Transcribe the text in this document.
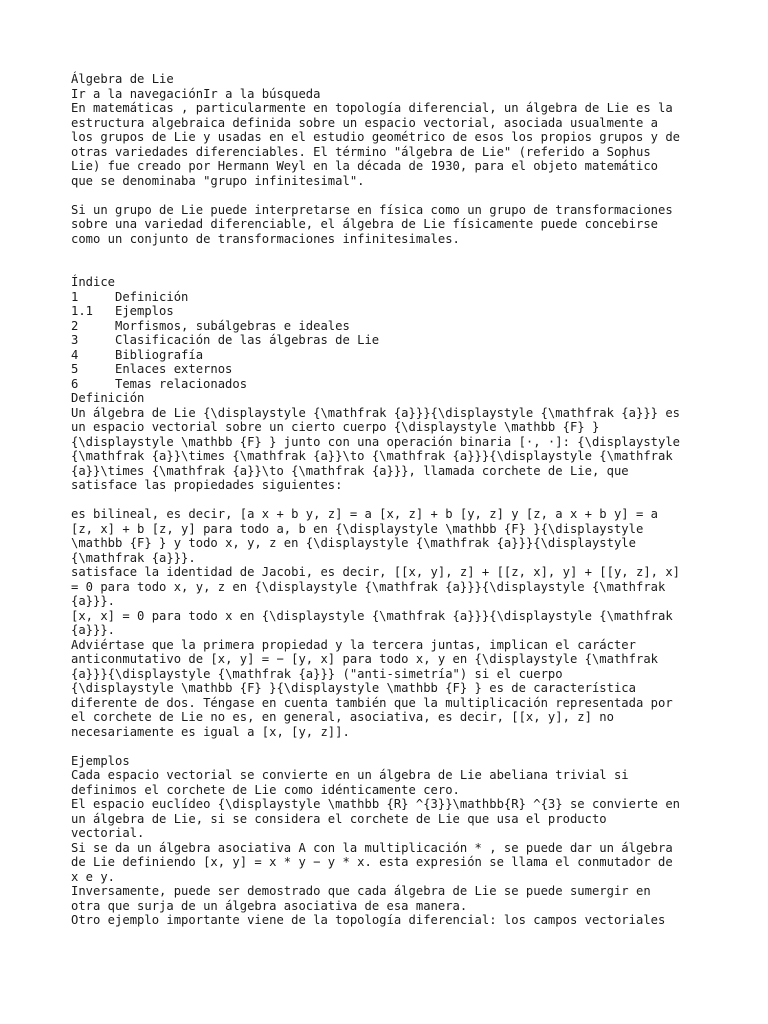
Álgebra de Lie
Ir a la navegaciónIr a la búsqueda
En matemáticas , particularmente en topología diferencial, un álgebra de Lie es la
estructura algebraica definida sobre un espacio vectorial, asociada usualmente a
los grupos de Lie y usadas en el estudio geométrico de esos los propios grupos y de
otras variedades diferenciables. El término "álgebra de Lie" (referido a Sophus
Lie) fue creado por Hermann Weyl en la década de 1930, para el objeto matemático
que se denominaba "grupo infinitesimal".
Si un grupo de Lie puede interpretarse en física como un grupo de transformaciones
sobre una variedad diferenciable, el álgebra de Lie físicamente puede concebirse
como un conjunto de transformaciones infinitesimales.
Índice
1	Definición
1.1	Ejemplos
2	Morfismos, subálgebras e ideales
3	Clasificación de las álgebras de Lie
4	Bibliografía
5	Enlaces externos
6	Temas relacionados
Definición
Un álgebra de Lie {\displaystyle {\mathfrak {a}}}{\displaystyle {\mathfrak {a}}} es
un espacio vectorial sobre un cierto cuerpo {\displaystyle \mathbb {F} }
{\displaystyle \mathbb {F} } junto con una operación binaria [·, ·]: {\displaystyle
{\mathfrak {a}}\times {\mathfrak {a}}\to {\mathfrak {a}}}{\displaystyle {\mathfrak
{a}}\times {\mathfrak {a}}\to {\mathfrak {a}}}, llamada corchete de Lie, que
satisface las propiedades siguientes:
es bilineal, es decir, [a x + b y, z] = a [x, z] + b [y, z] y [z, a x + b y] = a
[z, x] + b [z, y] para todo a, b en {\displaystyle \mathbb {F} }{\displaystyle
\mathbb {F} } y todo x, y, z en {\displaystyle {\mathfrak {a}}}{\displaystyle
{\mathfrak {a}}}.
satisface la identidad de Jacobi, es decir, [[x, y], z] + [[z, x], y] + [[y, z], x]
= 0 para todo x, y, z en {\displaystyle {\mathfrak {a}}}{\displaystyle {\mathfrak
{a}}}.
[x, x] = 0 para todo x en {\displaystyle {\mathfrak {a}}}{\displaystyle {\mathfrak
{a}}}.
Adviértase que la primera propiedad y la tercera juntas, implican el carácter
anticonmutativo de [x, y] = − [y, x] para todo x, y en {\displaystyle {\mathfrak
{a}}}{\displaystyle {\mathfrak {a}}} ("anti-simetría") si el cuerpo
{\displaystyle \mathbb {F} }{\displaystyle \mathbb {F} } es de característica
diferente de dos. Téngase en cuenta también que la multiplicación representada por
el corchete de Lie no es, en general, asociativa, es decir, [[x, y], z] no
necesariamente es igual a [x, [y, z]].
Ejemplos
Cada espacio vectorial se convierte en un álgebra de Lie abeliana trivial si
definimos el corchete de Lie como idénticamente cero.
El espacio euclídeo {\displaystyle \mathbb {R} ^{3}}\mathbb{R} ^{3} se convierte en
un álgebra de Lie, si se considera el corchete de Lie que usa el producto
vectorial.
Si se da un álgebra asociativa A con la multiplicación * , se puede dar un álgebra
de Lie definiendo [x, y] = x * y − y * x. esta expresión se llama el conmutador de
x e y.
Inversamente, puede ser demostrado que cada álgebra de Lie se puede sumergir en
otra que surja de un álgebra asociativa de esa manera.
Otro ejemplo importante viene de la topología diferencial: los campos vectoriales
